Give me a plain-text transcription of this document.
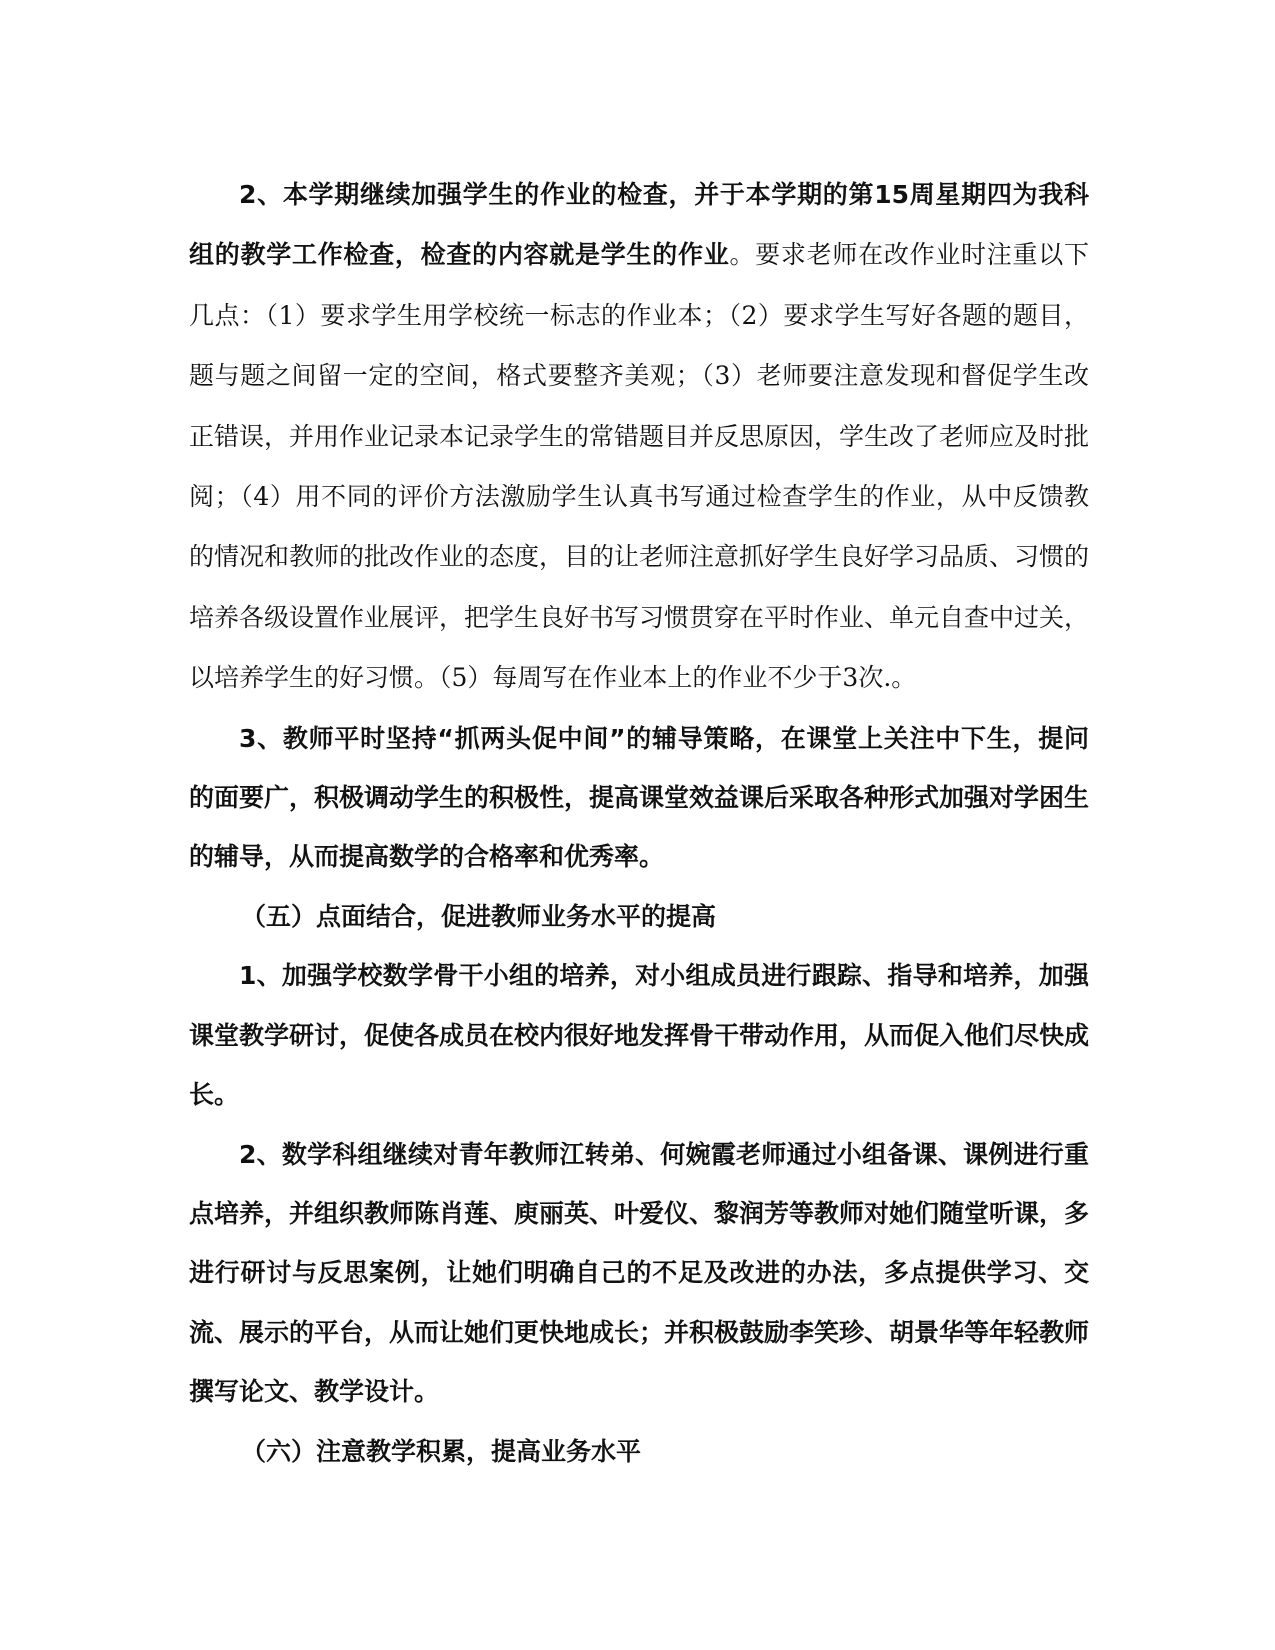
2、本学期继续加强学生的作业的检查，并于本学期的第15周星期四为我科组的教学工作检查，检查的内容就是学生的作业。要求老师在改作业时注重以下几点：（1）要求学生用学校统一标志的作业本；（2）要求学生写好各题的题目，题与题之间留一定的空间，格式要整齐美观；（3）老师要注意发现和督促学生改正错误，并用作业记录本记录学生的常错题目并反思原因，学生改了老师应及时批阅；（4）用不同的评价方法激励学生认真书写通过检查学生的作业，从中反馈教的情况和教师的批改作业的态度，目的让老师注意抓好学生良好学习品质、习惯的培养各级设置作业展评，把学生良好书写习惯贯穿在平时作业、单元自查中过关，以培养学生的好习惯。（5）每周写在作业本上的作业不少于3次.。

3、教师平时坚持“抓两头促中间”的辅导策略，在课堂上关注中下生，提问的面要广，积极调动学生的积极性，提高课堂效益课后采取各种形式加强对学困生的辅导，从而提高数学的合格率和优秀率。

（五）点面结合，促进教师业务水平的提高

1、加强学校数学骨干小组的培养，对小组成员进行跟踪、指导和培养，加强课堂教学研讨，促使各成员在校内很好地发挥骨干带动作用，从而促入他们尽快成长。

2、数学科组继续对青年教师江转弟、何婉霞老师通过小组备课、课例进行重点培养，并组织教师陈肖莲、庾丽英、叶爱仪、黎润芳等教师对她们随堂听课，多进行研讨与反思案例，让她们明确自己的不足及改进的办法，多点提供学习、交流、展示的平台，从而让她们更快地成长；并积极鼓励李笑珍、胡景华等年轻教师撰写论文、教学设计。

（六）注意教学积累，提高业务水平
